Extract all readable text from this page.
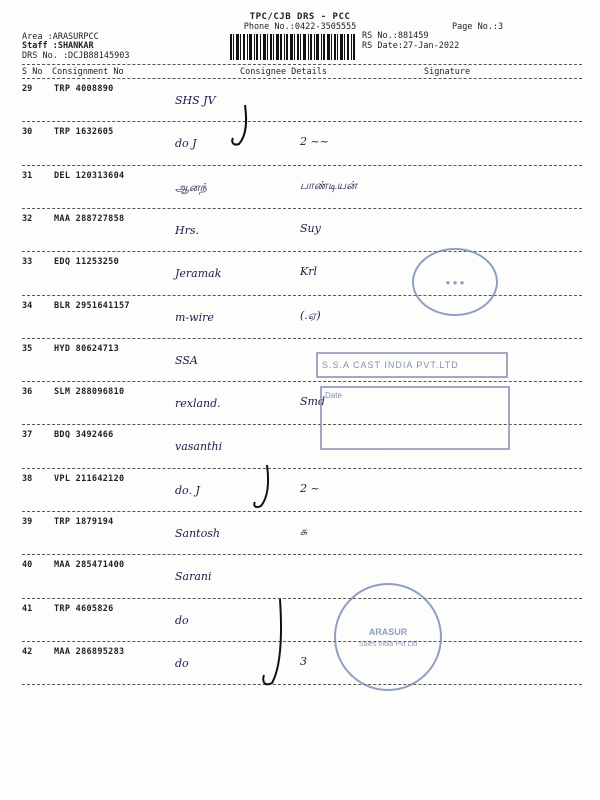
TPC/CJB DRS - PCC
Phone No.:0422-3505555	Page No.:3
Area :ARASURPCC
Staff :SHANKAR
DRS No. :DCJB88145903
RS No.:881459
RS Date:27-Jan-2022
S No Consignment No	Consignee Details	Signature
29	TRP 4008890
SHS JV
30	TRP 1632605
do J	2 ~~
31	DEL 120313604
ஆனந்	பாண்டியன்
32	MAA 288727858
Hrs.	Suy
33	EDQ 11253250
Jeramak	Krl
34	BLR 2951641157
m-wire	(.ஏ)
35	HYD 80624713
SSA
36	SLM 288096810
rexland.	Smd
37	BDQ 3492466
vasanthi
38	VPL 211642120
do. J	2 ~
39	TRP 1879194
Santosh	சு
40	MAA 285471400
Sarani
41	TRP 4605826
do
42	MAA 286895283
do	3
S.S.A CAST INDIA PVT.LTD
Date
● ● ●
ARASUR
Sales India Pvt Ltd
